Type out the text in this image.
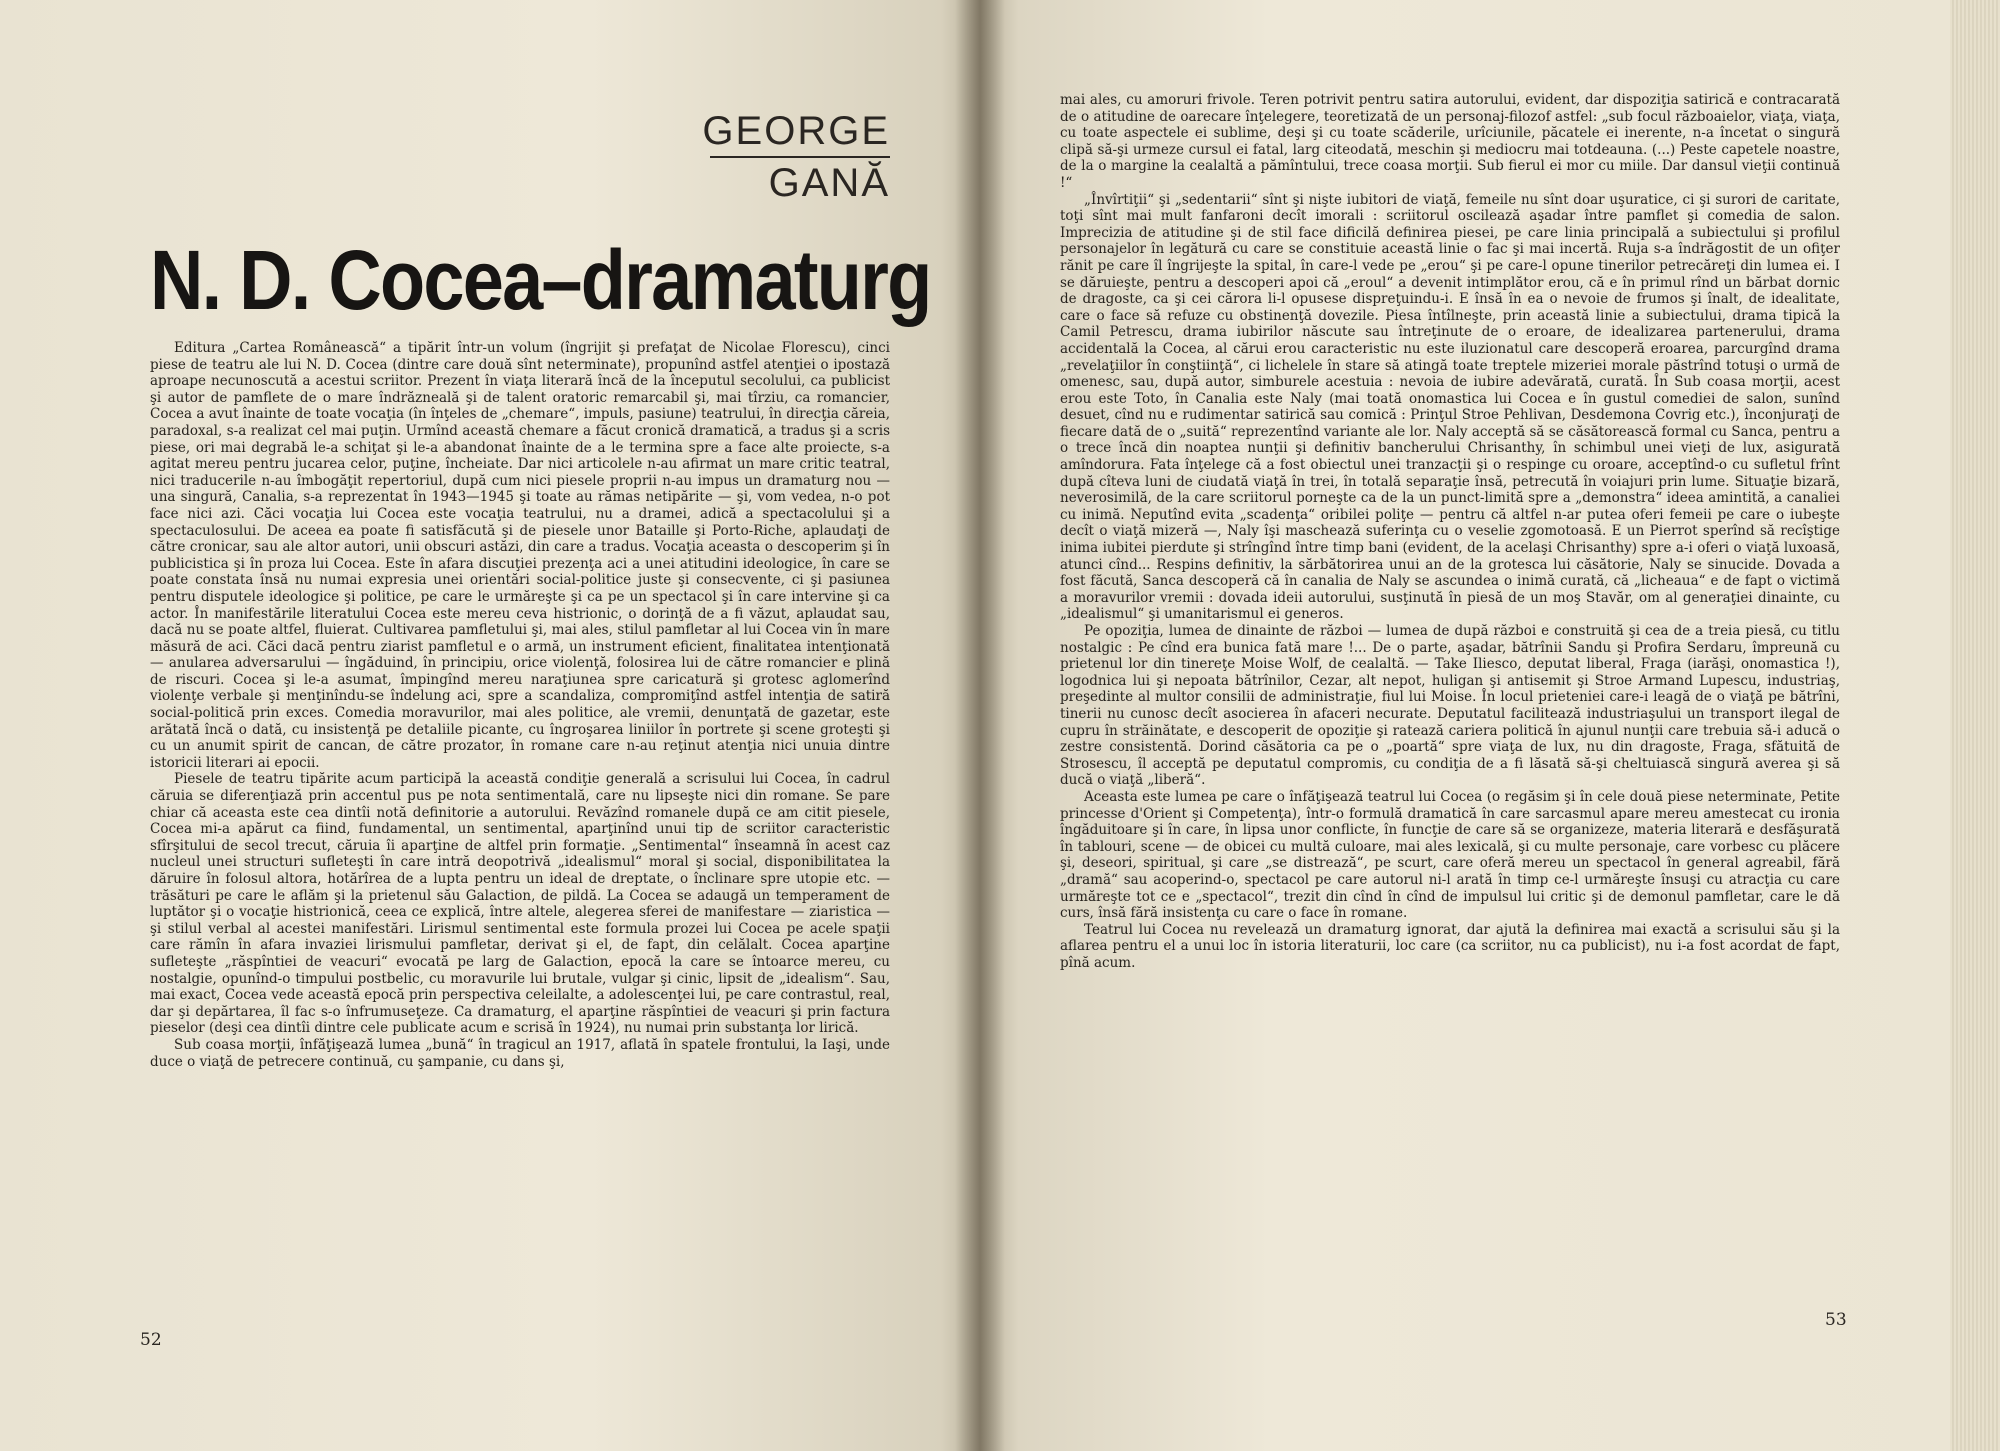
GEORGE
GANĂ
N. D. Cocea–dramaturg

Editura „Cartea Românească“ a tipărit într-un volum (îngrijit şi prefaţat de Nicolae Florescu), cinci piese de teatru ale lui N. D. Cocea (dintre care două sînt neterminate), propunînd astfel atenţiei o ipostază aproape necunoscută a acestui scriitor. Prezent în viaţa literară încă de la începutul secolului, ca publicist şi autor de pamflete de o mare îndrăzneală şi de talent oratoric remarcabil şi, mai tîrziu, ca romancier, Cocea a avut înainte de toate vocaţia (în înţeles de „chemare“, impuls, pasiune) teatrului, în direcţia căreia, paradoxal, s-a realizat cel mai puţin. Urmînd această chemare a făcut cronică dramatică, a tradus şi a scris piese, ori mai degrabă le-a schiţat şi le-a abandonat înainte de a le termina spre a face alte proiecte, s-a agitat mereu pentru jucarea celor, puţine, încheiate. Dar nici articolele n-au afirmat un mare critic teatral, nici traducerile n-au îmbogăţit repertoriul, după cum nici piesele proprii n-au impus un dramaturg nou — una singură, Canalia, s-a reprezentat în 1943—1945 şi toate au rămas netipărite — şi, vom vedea, n-o pot face nici azi. Căci vocaţia lui Cocea este vocaţia teatrului, nu a dramei, adică a spectacolului şi a spectaculosului. De aceea ea poate fi satisfăcută şi de piesele unor Bataille şi Porto-Riche, aplaudaţi de către cronicar, sau ale altor autori, unii obscuri astăzi, din care a tradus. Vocaţia aceasta o descoperim şi în publicistica şi în proza lui Cocea. Este în afara discuţiei prezenţa aci a unei atitudini ideologice, în care se poate constata însă nu numai expresia unei orientări social-politice juste şi consecvente, ci şi pasiunea pentru disputele ideologice şi politice, pe care le urmăreşte şi ca pe un spectacol şi în care intervine şi ca actor. În manifestările literatului Cocea este mereu ceva histrionic, o dorinţă de a fi văzut, aplaudat sau, dacă nu se poate altfel, fluierat. Cultivarea pamfletului şi, mai ales, stilul pamfletar al lui Cocea vin în mare măsură de aci. Căci dacă pentru ziarist pamfletul e o armă, un instrument eficient, finalitatea intenţionată — anularea adversarului — îngăduind, în principiu, orice violenţă, folosirea lui de către romancier e plină de riscuri. Cocea şi le-a asumat, împingînd mereu naraţiunea spre caricatură şi grotesc aglomerînd violenţe verbale şi menţinîndu-se îndelung aci, spre a scandaliza, compromiţînd astfel intenţia de satiră social-politică prin exces. Comedia moravurilor, mai ales politice, ale vremii, denunţată de gazetar, este arătată încă o dată, cu insistenţă pe detaliile picante, cu îngroşarea liniilor în portrete şi scene groteşti şi cu un anumit spirit de cancan, de către prozator, în romane care n-au reţinut atenţia nici unuia dintre istoricii literari ai epocii.

Piesele de teatru tipărite acum participă la această condiţie generală a scrisului lui Cocea, în cadrul căruia se diferenţiază prin accentul pus pe nota sentimentală, care nu lipseşte nici din romane. Se pare chiar că aceasta este cea dintîi notă definitorie a autorului. Revăzînd romanele după ce am citit piesele, Cocea mi-a apărut ca fiind, fundamental, un sentimental, aparţinînd unui tip de scriitor caracteristic sfîrşitului de secol trecut, căruia îi aparţine de altfel prin formaţie. „Sentimental“ înseamnă în acest caz nucleul unei structuri sufleteşti în care intră deopotrivă „idealismul“ moral şi social, disponibilitatea la dăruire în folosul altora, hotărîrea de a lupta pentru un ideal de dreptate, o înclinare spre utopie etc. — trăsături pe care le aflăm şi la prietenul său Galaction, de pildă. La Cocea se adaugă un temperament de luptător şi o vocaţie histrionică, ceea ce explică, între altele, alegerea sferei de manifestare — ziaristica — şi stilul verbal al acestei manifestări. Lirismul sentimental este formula prozei lui Cocea pe acele spaţii care rămîn în afara invaziei lirismului pamfletar, derivat şi el, de fapt, din celălalt. Cocea aparţine sufleteşte „răspîntiei de veacuri“ evocată pe larg de Galaction, epocă la care se întoarce mereu, cu nostalgie, opunînd-o timpului postbelic, cu moravurile lui brutale, vulgar şi cinic, lipsit de „idealism“. Sau, mai exact, Cocea vede această epocă prin perspectiva celeilalte, a adolescenţei lui, pe care contrastul, real, dar şi depărtarea, îl fac s-o înfrumuseţeze. Ca dramaturg, el aparţine răspîntiei de veacuri şi prin factura pieselor (deşi cea dintîi dintre cele publicate acum e scrisă în 1924), nu numai prin substanţa lor lirică.

Sub coasa morţii, înfăţişează lumea „bună“ în tragicul an 1917, aflată în spatele frontului, la Iaşi, unde duce o viaţă de petrecere continuă, cu şampanie, cu dans şi,

52

mai ales, cu amoruri frivole. Teren potrivit pentru satira autorului, evident, dar dispoziţia satirică e contracarată de o atitudine de oarecare înţelegere, teoretizată de un personaj-filozof astfel: „sub focul războaielor, viaţa, viaţa, cu toate aspectele ei sublime, deşi şi cu toate scăderile, urîciunile, păcatele ei inerente, n-a încetat o singură clipă să-şi urmeze cursul ei fatal, larg citeodată, meschin şi mediocru mai totdeauna. (...) Peste capetele noastre, de la o margine la cealaltă a pămîntului, trece coasa morţii. Sub fierul ei mor cu miile. Dar dansul vieţii continuă !“

„Învîrtiţii“ şi „sedentarii“ sînt şi nişte iubitori de viaţă, femeile nu sînt doar uşuratice, ci şi surori de caritate, toţi sînt mai mult fanfaroni decît imorali : scriitorul oscilează aşadar între pamflet şi comedia de salon. Imprecizia de atitudine şi de stil face dificilă definirea piesei, pe care linia principală a subiectului şi profilul personajelor în legătură cu care se constituie această linie o fac şi mai incertă. Ruja s-a îndrăgostit de un ofiţer rănit pe care îl îngrijeşte la spital, în care-l vede pe „erou“ şi pe care-l opune tinerilor petrecăreţi din lumea ei. I se dăruieşte, pentru a descoperi apoi că „eroul“ a devenit intimplător erou, că e în primul rînd un bărbat dornic de dragoste, ca şi cei cărora li-l opusese dispreţuindu-i. E însă în ea o nevoie de frumos şi înalt, de idealitate, care o face să refuze cu obstinenţă dovezile. Piesa întîlneşte, prin această linie a subiectului, drama tipică la Camil Petrescu, drama iubirilor născute sau întreţinute de o eroare, de idealizarea partenerului, drama accidentală la Cocea, al cărui erou caracteristic nu este iluzionatul care descoperă eroarea, parcurgînd drama „revelaţiilor în conştiinţă“, ci lichelele în stare să atingă toate treptele mizeriei morale păstrînd totuşi o urmă de omenesc, sau, după autor, simburele acestuia : nevoia de iubire adevărată, curată. În Sub coasa morţii, acest erou este Toto, în Canalia este Naly (mai toată onomastica lui Cocea e în gustul comediei de salon, sunînd desuet, cînd nu e rudimentar satirică sau comică : Prinţul Stroe Pehlivan, Desdemona Covrig etc.), înconjuraţi de fiecare dată de o „suită“ reprezentînd variante ale lor. Naly acceptă să se căsătorească formal cu Sanca, pentru a o trece încă din noaptea nunţii şi definitiv bancherului Chrisanthy, în schimbul unei vieţi de lux, asigurată amîndorura. Fata înţelege că a fost obiectul unei tranzacţii şi o respinge cu oroare, acceptînd-o cu sufletul frînt după cîteva luni de ciudată viaţă în trei, în totală separaţie însă, petrecută în voiajuri prin lume. Situaţie bizară, neverosimilă, de la care scriitorul porneşte ca de la un punct-limită spre a „demonstra“ ideea amintită, a canaliei cu inimă. Neputînd evita „scadenţa“ oribilei poliţe — pentru că altfel n-ar putea oferi femeii pe care o iubeşte decît o viaţă mizeră —, Naly îşi maschează suferinţa cu o veselie zgomotoasă. E un Pierrot sperînd să recîştige inima iubitei pierdute şi strîngînd între timp bani (evident, de la acelaşi Chrisanthy) spre a-i oferi o viaţă luxoasă, atunci cînd... Respins definitiv, la sărbătorirea unui an de la grotesca lui căsătorie, Naly se sinucide. Dovada a fost făcută, Sanca descoperă că în canalia de Naly se ascundea o inimă curată, că „licheaua“ e de fapt o victimă a moravurilor vremii : dovada ideii autorului, susţinută în piesă de un moş Stavăr, om al generaţiei dinainte, cu „idealismul“ şi umanitarismul ei generos.

Pe opoziţia, lumea de dinainte de război — lumea de după război e construită şi cea de a treia piesă, cu titlu nostalgic : Pe cînd era bunica fată mare !... De o parte, aşadar, bătrînii Sandu şi Profira Serdaru, împreună cu prietenul lor din tinereţe Moise Wolf, de cealaltă. — Take Iliesco, deputat liberal, Fraga (iarăşi, onomastica !), logodnica lui şi nepoata bătrînilor, Cezar, alt nepot, huligan şi antisemit şi Stroe Armand Lupescu, industriaş, preşedinte al multor consilii de administraţie, fiul lui Moise. În locul prieteniei care-i leagă de o viaţă pe bătrîni, tinerii nu cunosc decît asocierea în afaceri necurate. Deputatul facilitează industriaşului un transport ilegal de cupru în străinătate, e descoperit de opoziţie şi ratează cariera politică în ajunul nunţii care trebuia să-i aducă o zestre consistentă. Dorind căsătoria ca pe o „poartă“ spre viaţa de lux, nu din dragoste, Fraga, sfătuită de Strosescu, îl acceptă pe deputatul compromis, cu condiţia de a fi lăsată să-şi cheltuiască singură averea şi să ducă o viaţă „liberă“.

Aceasta este lumea pe care o înfăţişează teatrul lui Cocea (o regăsim şi în cele două piese neterminate, Petite princesse d'Orient şi Competenţa), într-o formulă dramatică în care sarcasmul apare mereu amestecat cu ironia îngăduitoare şi în care, în lipsa unor conflicte, în funcţie de care să se organizeze, materia literară e desfăşurată în tablouri, scene — de obicei cu multă culoare, mai ales lexicală, şi cu multe personaje, care vorbesc cu plăcere şi, deseori, spiritual, şi care „se distrează“, pe scurt, care oferă mereu un spectacol în general agreabil, fără „dramă“ sau acoperind-o, spectacol pe care autorul ni-l arată în timp ce-l urmăreşte însuşi cu atracţia cu care urmăreşte tot ce e „spectacol“, trezit din cînd în cînd de impulsul lui critic şi de demonul pamfletar, care le dă curs, însă fără insistenţa cu care o face în romane.

Teatrul lui Cocea nu revelează un dramaturg ignorat, dar ajută la definirea mai exactă a scrisului său şi la aflarea pentru el a unui loc în istoria literaturii, loc care (ca scriitor, nu ca publicist), nu i-a fost acordat de fapt, pînă acum.

53
